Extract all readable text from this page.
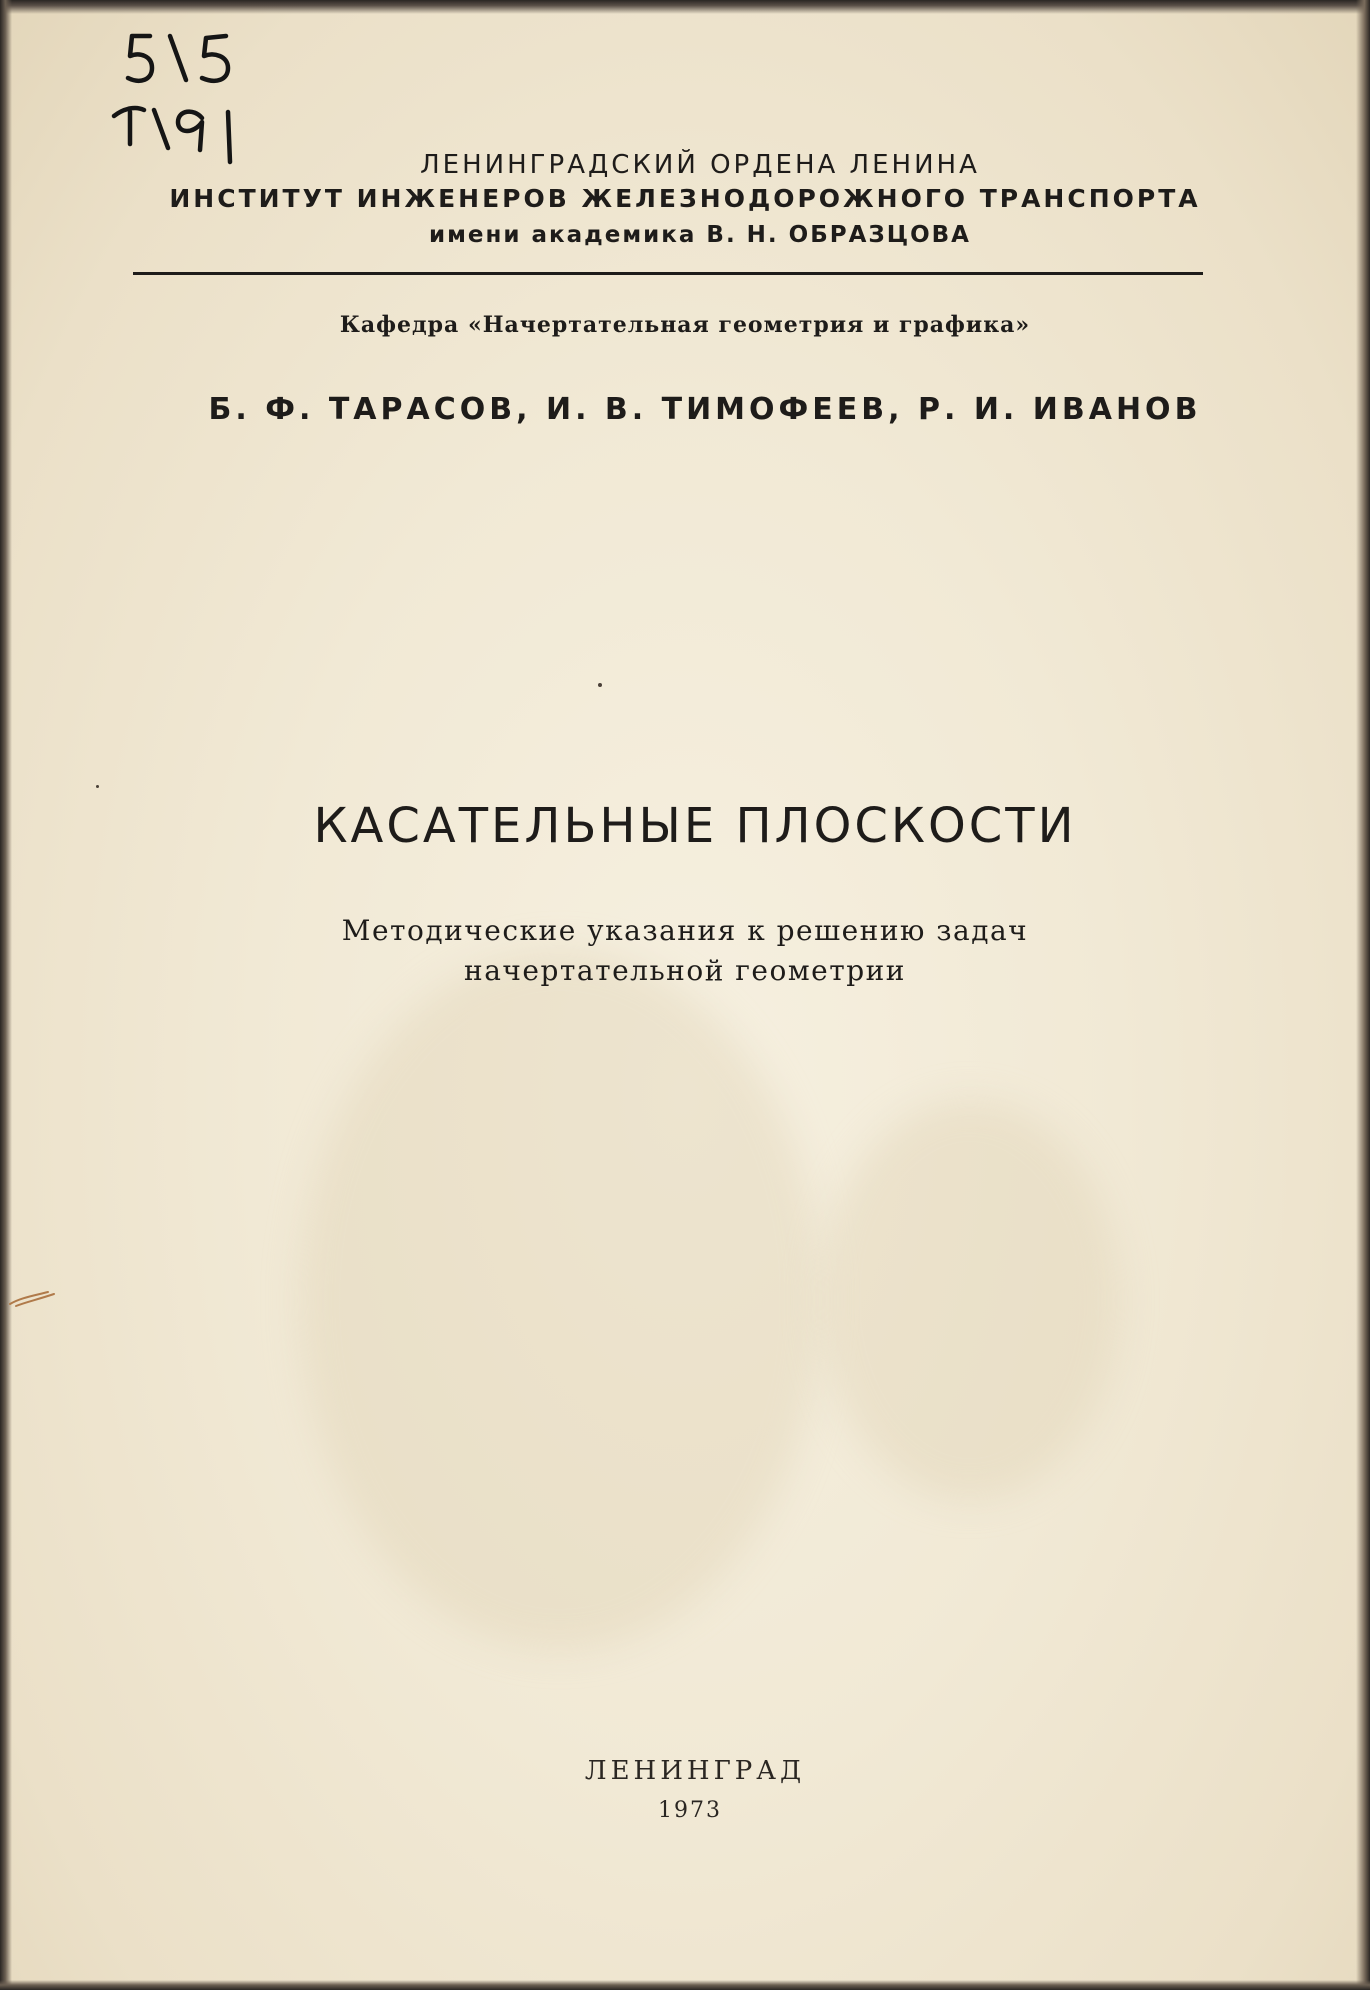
ЛЕНИНГРАДСКИЙ ОРДЕНА ЛЕНИНА
ИНСТИТУТ ИНЖЕНЕРОВ ЖЕЛЕЗНОДОРОЖНОГО ТРАНСПОРТА
имени академика В. Н. ОБРАЗЦОВА
Кафедра «Начертательная геометрия и графика»
Б. Ф. ТАРАСОВ, И. В. ТИМОФЕЕВ, Р. И. ИВАНОВ
КАСАТЕЛЬНЫЕ ПЛОСКОСТИ
Методические указания к решению задач
начертательной геометрии
ЛЕНИНГРАД
1973
